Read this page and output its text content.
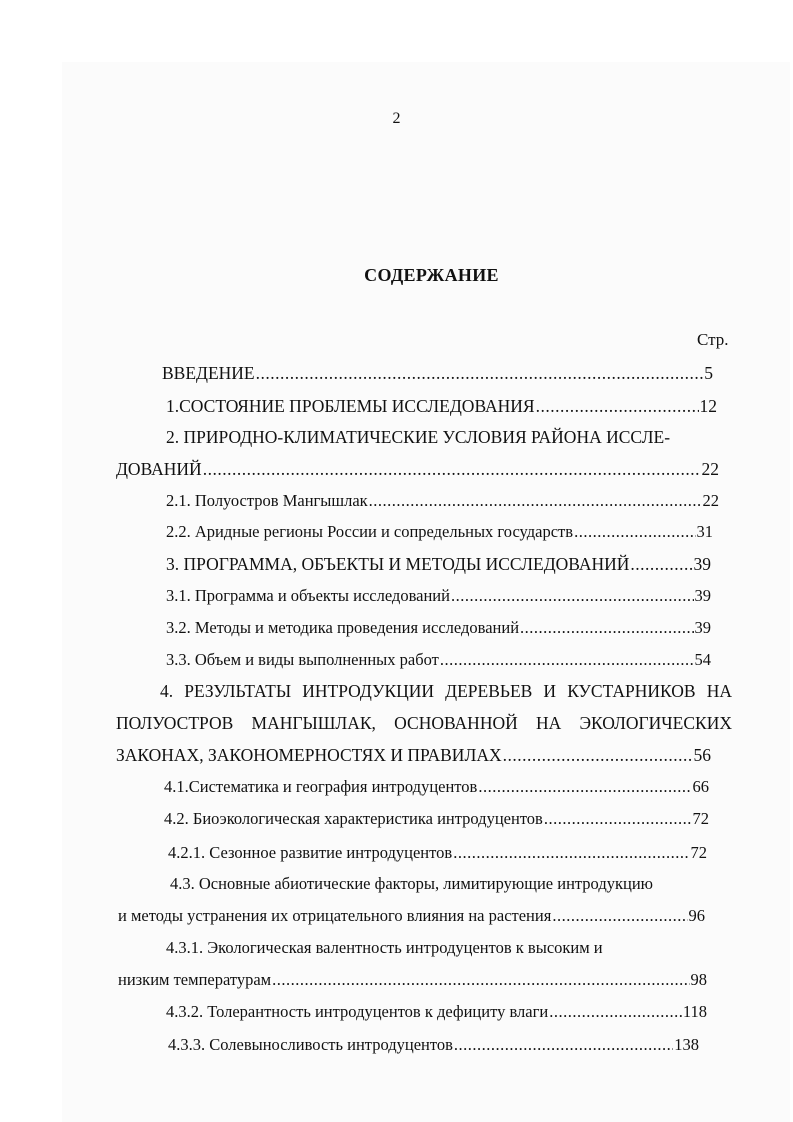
2
СОДЕРЖАНИЕ
Стр.
ВВЕДЕНИЕ .....	5
1.СОСТОЯНИЕ ПРОБЛЕМЫ ИССЛЕДОВАНИЯ .....	12
2. ПРИРОДНО-КЛИМАТИЧЕСКИЕ УСЛОВИЯ РАЙОНА ИССЛЕ-
ДОВАНИЙ .....	22
2.1. Полуостров Мангышлак .....	22
2.2. Аридные регионы России и сопредельных государств .....	31
3. ПРОГРАММА, ОБЪЕКТЫ И МЕТОДЫ ИССЛЕДОВАНИЙ .....	39
3.1. Программа и объекты исследований .....	39
3.2. Методы и методика проведения исследований .....	39
3.3. Объем и виды выполненных работ .....	54
4. РЕЗУЛЬТАТЫ ИНТРОДУКЦИИ ДЕРЕВЬЕВ И КУСТАРНИКОВ НА
ПОЛУОСТРОВ МАНГЫШЛАК, ОСНОВАННОЙ НА ЭКОЛОГИЧЕСКИХ
ЗАКОНАХ, ЗАКОНОМЕРНОСТЯХ И ПРАВИЛАХ .....	56
4.1.Систематика и география интродуцентов .....	66
4.2. Биоэкологическая характеристика интродуцентов .....	72
4.2.1. Сезонное развитие интродуцентов .....	72
4.3. Основные абиотические факторы, лимитирующие интродукцию
и методы устранения их отрицательного влияния на растения .....	96
4.3.1. Экологическая валентность интродуцентов к высоким и
низким температурам .....	98
4.3.2. Толерантность интродуцентов к дефициту влаги .....	118
4.3.3. Солевыносливость интродуцентов .....	138
